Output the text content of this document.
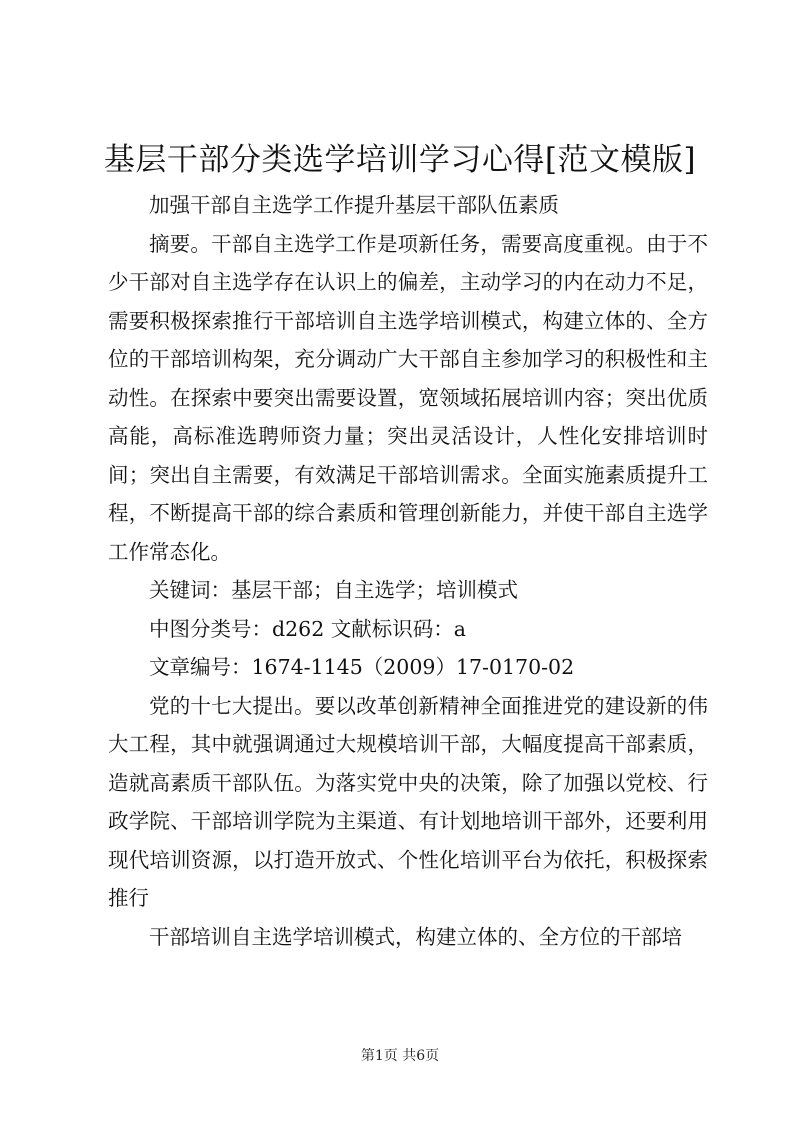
基层干部分类选学培训学习心得[范文模版]

加强干部自主选学工作提升基层干部队伍素质

摘要。干部自主选学工作是项新任务，需要高度重视。由于不少干部对自主选学存在认识上的偏差，主动学习的内在动力不足，需要积极探索推行干部培训自主选学培训模式，构建立体的、全方位的干部培训构架，充分调动广大干部自主参加学习的积极性和主动性。在探索中要突出需要设置，宽领域拓展培训内容；突出优质高能，高标准选聘师资力量；突出灵活设计，人性化安排培训时间；突出自主需要，有效满足干部培训需求。全面实施素质提升工程，不断提高干部的综合素质和管理创新能力，并使干部自主选学工作常态化。

关键词：基层干部；自主选学；培训模式

中图分类号：d262 文献标识码：a

文章编号：1674-1145（2009）17-0170-02

党的十七大提出。要以改革创新精神全面推进党的建设新的伟大工程，其中就强调通过大规模培训干部，大幅度提高干部素质，造就高素质干部队伍。为落实党中央的决策，除了加强以党校、行政学院、干部培训学院为主渠道、有计划地培训干部外，还要利用现代培训资源，以打造开放式、个性化培训平台为依托，积极探索推行

干部培训自主选学培训模式，构建立体的、全方位的干部培

第1页 共6页
